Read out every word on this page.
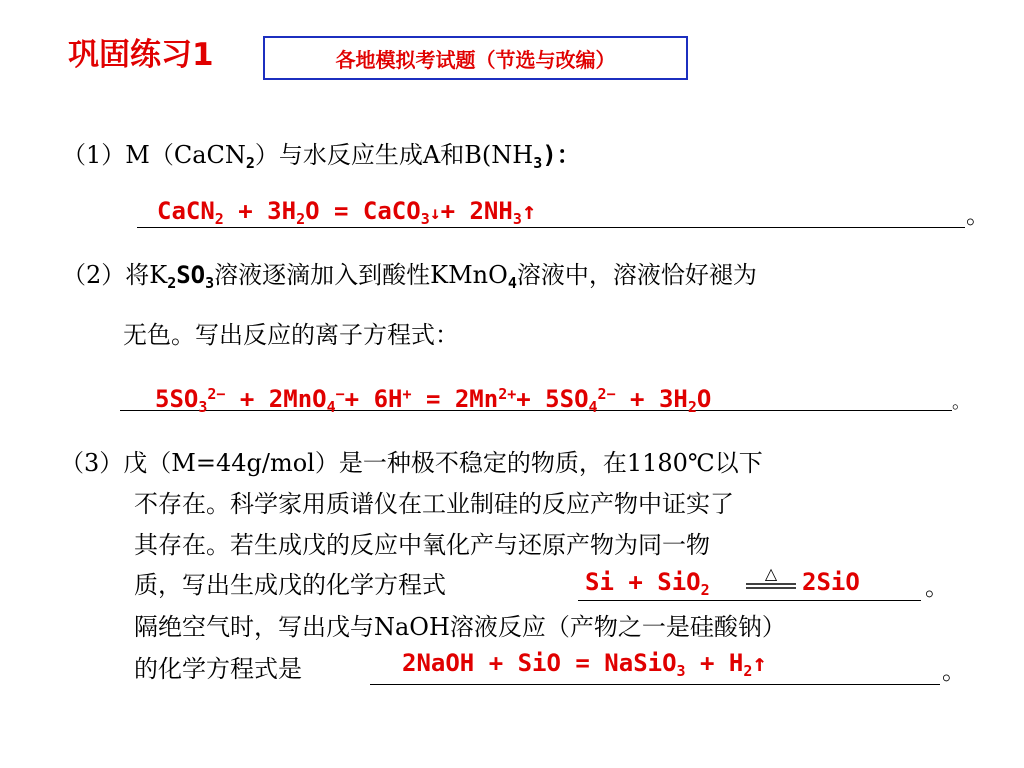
巩固练习1	各地模拟考试题（节选与改编）
（1）M（CaCN$_2$）与水反应生成A和$B(NH_3)$：
CaCN$_2$ + $3H_2O$ = CaCO$_3$↓+ $2NH_3↑$	。
（2）将$K_2SO_3$溶液逐滴加入到酸性KMnO$_4$溶液中，溶液恰好褪为
无色。写出反应的离子方程式：
$5SO_3^{2-} + 2MnO_4^-+ 6H^+ = 2Mn^{2+}+ 5SO_4^{2-} + 3H_2O$	。
（3）戊（M=44g/mol）是一种极不稳定的物质，在1180℃以下
不存在。科学家用质谱仪在工业制硅的反应产物中证实了
其存在。若生成戊的反应中氧化产与还原产物为同一物
质，写出生成戊的化学方程式	Si + SiO$_2$
△ 2SiO	。
隔绝空气时，写出戊与NaOH溶液反应（产物之一是硅酸钠）
的化学方程式是	2NaOH + SiO = NaSiO$_3$ + $H_2↑$	。
